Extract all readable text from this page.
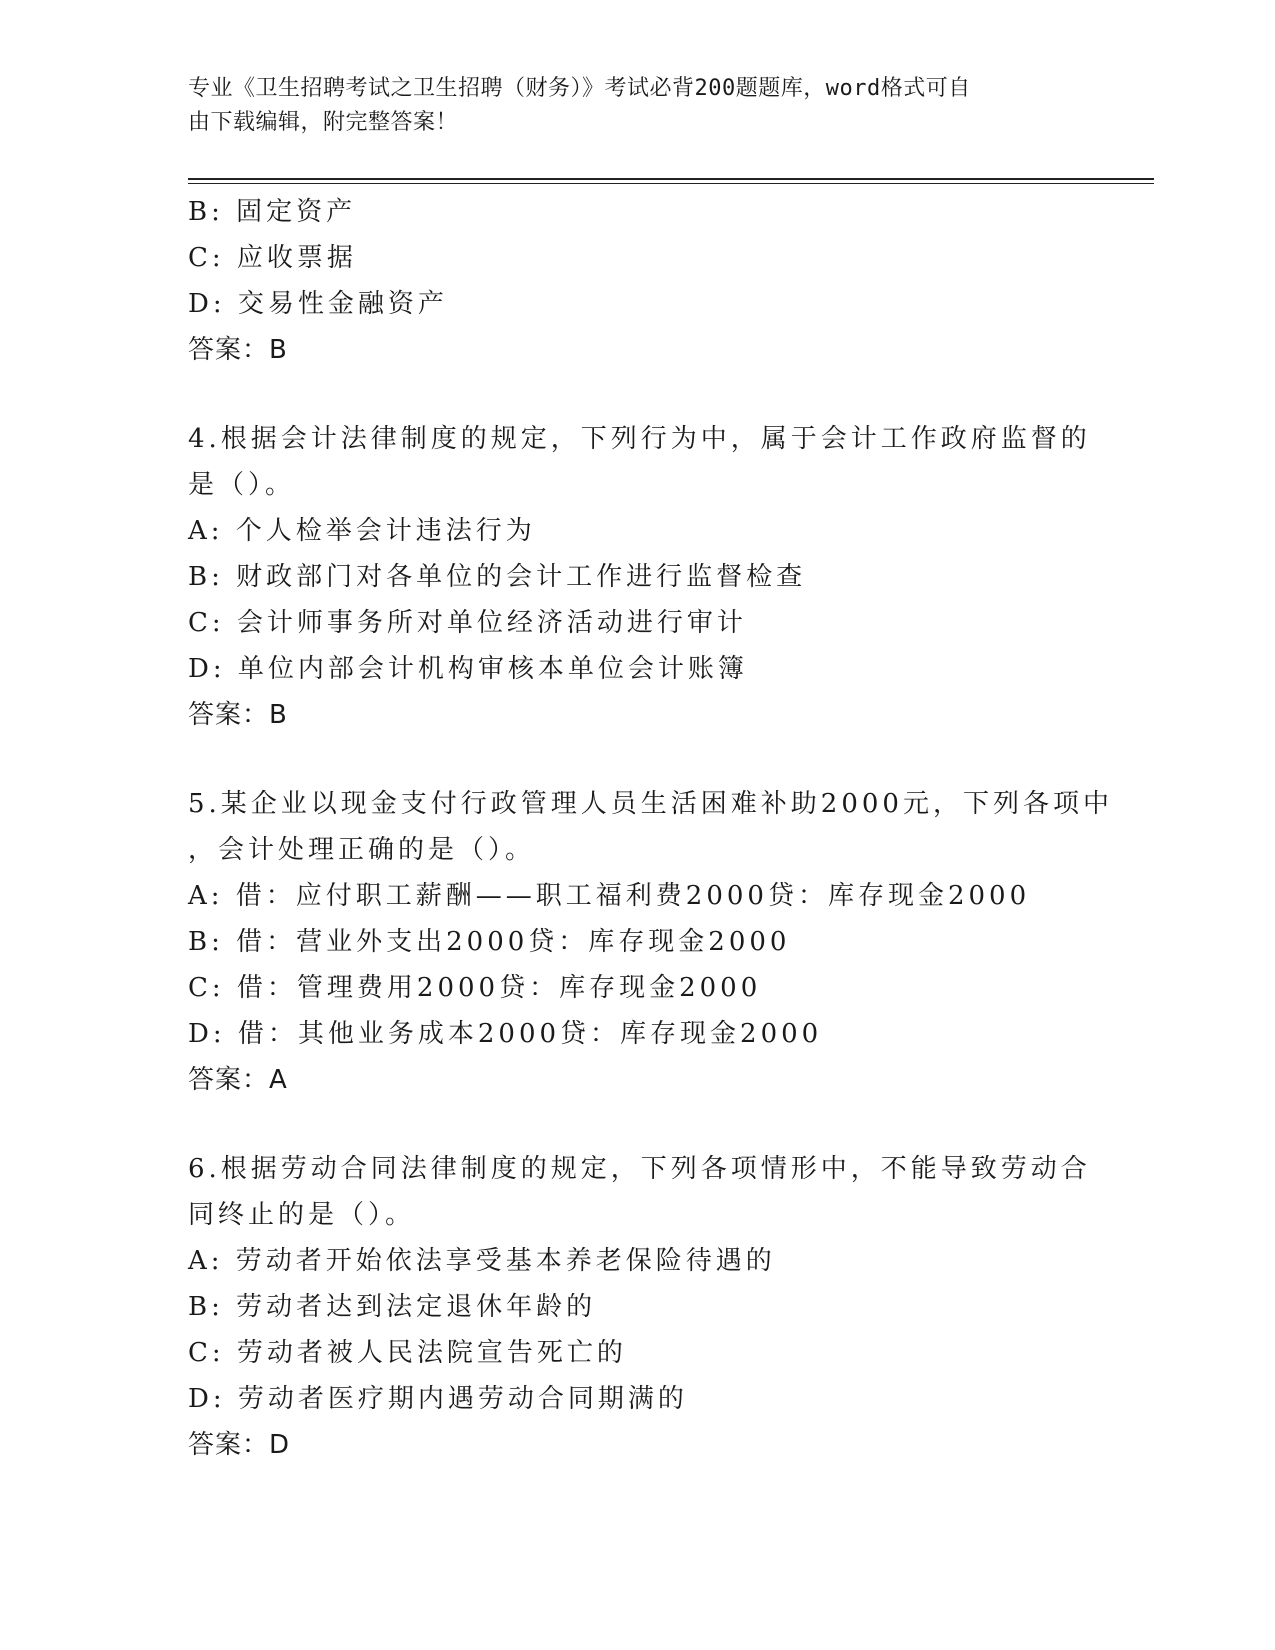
专业《卫生招聘考试之卫生招聘（财务）》考试必背200题题库，word格式可自
由下载编辑，附完整答案！
B: 固定资产
C: 应收票据
D: 交易性金融资产
答案：B
4.根据会计法律制度的规定，下列行为中，属于会计工作政府监督的
是（）。
A: 个人检举会计违法行为
B: 财政部门对各单位的会计工作进行监督检查
C: 会计师事务所对单位经济活动进行审计
D: 单位内部会计机构审核本单位会计账簿
答案：B
5.某企业以现金支付行政管理人员生活困难补助2000元，下列各项中
，会计处理正确的是（）。
A: 借：应付职工薪酬——职工福利费2000贷：库存现金2000
B: 借：营业外支出2000贷：库存现金2000
C: 借：管理费用2000贷：库存现金2000
D: 借：其他业务成本2000贷：库存现金2000
答案：A
6.根据劳动合同法律制度的规定，下列各项情形中，不能导致劳动合
同终止的是（）。
A: 劳动者开始依法享受基本养老保险待遇的
B: 劳动者达到法定退休年龄的
C: 劳动者被人民法院宣告死亡的
D: 劳动者医疗期内遇劳动合同期满的
答案：D
